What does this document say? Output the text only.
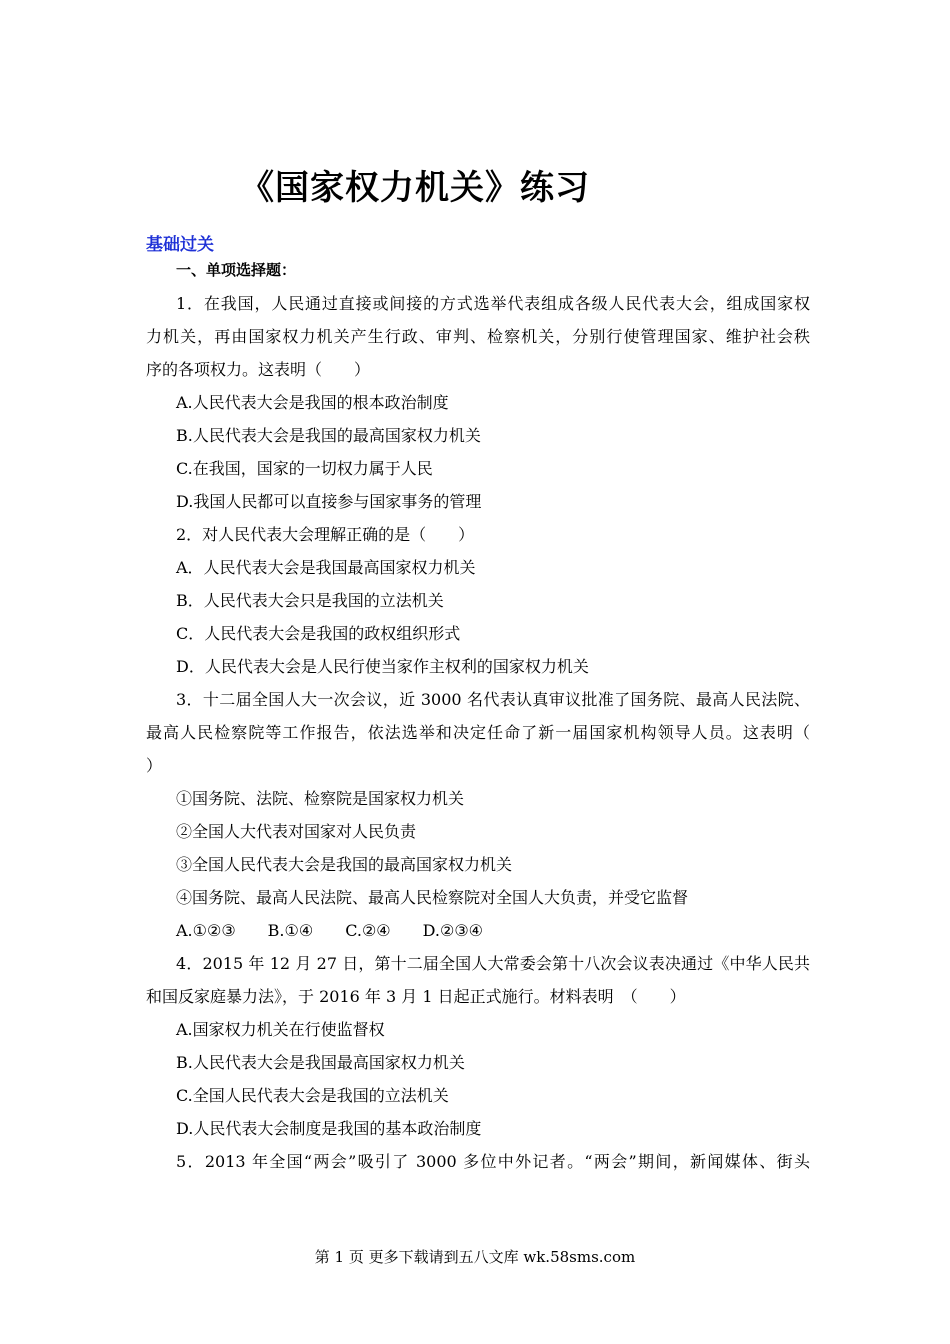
《国家权力机关》练习
基础过关
一、单项选择题：
1．在我国，人民通过直接或间接的方式选举代表组成各级人民代表大会，组成国家权
力机关，再由国家权力机关产生行政、审判、检察机关，分别行使管理国家、维护社会秩
序的各项权力。这表明（　　）
A.人民代表大会是我国的根本政治制度
B.人民代表大会是我国的最高国家权力机关
C.在我国，国家的一切权力属于人民
D.我国人民都可以直接参与国家事务的管理
2．对人民代表大会理解正确的是（　　）
A．人民代表大会是我国最高国家权力机关
B．人民代表大会只是我国的立法机关
C．人民代表大会是我国的政权组织形式
D．人民代表大会是人民行使当家作主权利的国家权力机关
3．十二届全国人大一次会议，近 3000 名代表认真审议批准了国务院、最高人民法院、
最高人民检察院等工作报告，依法选举和决定任命了新一届国家机构领导人员。这表明（
）
①国务院、法院、检察院是国家权力机关
②全国人大代表对国家对人民负责
③全国人民代表大会是我国的最高国家权力机关
④国务院、最高人民法院、最高人民检察院对全国人大负责，并受它监督
A.①②③　　B.①④　　C.②④　　D.②③④
4．2015 年 12 月 27 日，第十二届全国人大常委会第十八次会议表决通过《中华人民共
和国反家庭暴力法》，于 2016 年 3 月 1 日起正式施行。材料表明　（　　）
A.国家权力机关在行使监督权
B.人民代表大会是我国最高国家权力机关
C.全国人民代表大会是我国的立法机关
D.人民代表大会制度是我国的基本政治制度
5．2013 年全国“两会”吸引了 3000 多位中外记者。“两会”期间，新闻媒体、街头
第 1 页 更多下载请到五八文库 wk.58sms.com
